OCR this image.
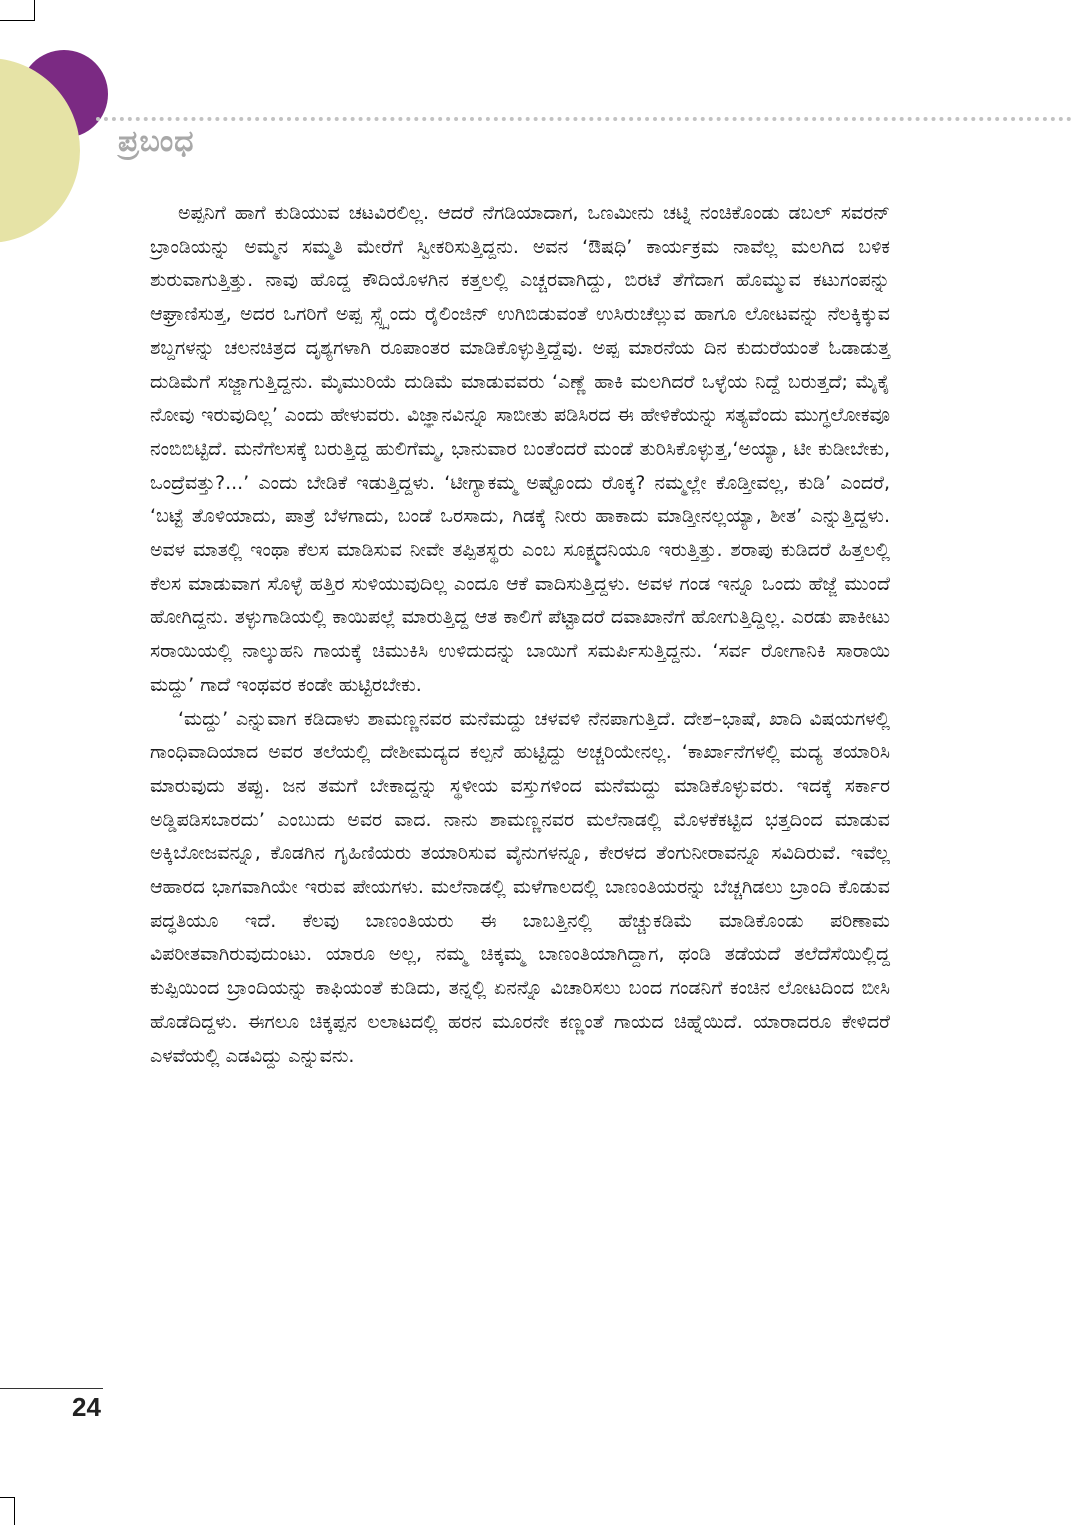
ಪ್ರಬಂಧ

ಅಪ್ಪನಿಗೆ ಹಾಗೆ ಕುಡಿಯುವ ಚಟವಿರಲಿಲ್ಲ. ಆದರೆ ನೆಗಡಿಯಾದಾಗ, ಒಣಮೀನು ಚಟ್ನಿ ನಂಚಿಕೊಂಡು ಡಬಲ್ ಸವರನ್ ಬ್ರಾಂಡಿಯನ್ನು ಅಮ್ಮನ ಸಮ್ಮತಿ ಮೇರೆಗೆ ಸ್ವೀಕರಿಸುತ್ತಿದ್ದನು. ಅವನ ‘ಔಷಧಿ’ ಕಾರ್ಯಕ್ರಮ ನಾವೆಲ್ಲ ಮಲಗಿದ ಬಳಿಕ ಶುರುವಾಗುತ್ತಿತ್ತು. ನಾವು ಹೊದ್ದ ಕೌದಿಯೊಳಗಿನ ಕತ್ತಲಲ್ಲಿ ಎಚ್ಚರವಾಗಿದ್ದು, ಬಿರಟೆ ತೆಗೆದಾಗ ಹೊಮ್ಮುವ ಕಟುಗಂಪನ್ನು ಆಘ್ರಾಣಿಸುತ್ತ, ಅದರ ಒಗರಿಗೆ ಅಪ್ಪ ಸ್ಸ್ಸ್ಸೆಂದು ರೈಲಿಂಜಿನ್ ಉಗಿಬಿಡುವಂತೆ ಉಸಿರುಚೆಲ್ಲುವ ಹಾಗೂ ಲೋಟವನ್ನು ನೆಲಕ್ಕಿಕ್ಕುವ ಶಬ್ದಗಳನ್ನು ಚಲನಚಿತ್ರದ ದೃಶ್ಯಗಳಾಗಿ ರೂಪಾಂತರ ಮಾಡಿಕೊಳ್ಳುತ್ತಿದ್ದೆವು. ಅಪ್ಪ ಮಾರನೆಯ ದಿನ ಕುದುರೆಯಂತೆ ಓಡಾಡುತ್ತ ದುಡಿಮೆಗೆ ಸಜ್ಜಾಗುತ್ತಿದ್ದನು. ಮೈಮುರಿಯೆ ದುಡಿಮೆ ಮಾಡುವವರು ‘ಎಣ್ಣೆ ಹಾಕಿ ಮಲಗಿದರೆ ಒಳ್ಳೆಯ ನಿದ್ದೆ ಬರುತ್ತದೆ; ಮೈಕೈ ನೋವು ಇರುವುದಿಲ್ಲ’ ಎಂದು ಹೇಳುವರು. ವಿಜ್ಞಾನವಿನ್ನೂ ಸಾಬೀತು ಪಡಿಸಿರದ ಈ ಹೇಳಿಕೆಯನ್ನು ಸತ್ಯವೆಂದು ಮುಗ್ಧಲೋಕವೂ ನಂಬಿಬಿಟ್ಟಿದೆ. ಮನೆಗೆಲಸಕ್ಕೆ ಬರುತ್ತಿದ್ದ ಹುಲಿಗೆಮ್ಮ, ಭಾನುವಾರ ಬಂತೆಂದರೆ ಮಂಡೆ ತುರಿಸಿಕೊಳ್ಳುತ್ತ,‘ಅಯ್ಯಾ, ಟೀ ಕುಡೀಬೇಕು, ಒಂದ್ರೆವತ್ತು?...’ ಎಂದು ಬೇಡಿಕೆ ಇಡುತ್ತಿದ್ದಳು. ‘ಟೀಗ್ಯಾಕಮ್ಮ ಅಷ್ಟೊಂದು ರೊಕ್ಕ? ನಮ್ಮಲ್ಲೇ ಕೊಡ್ತೀವಲ್ಲ, ಕುಡಿ’ ಎಂದರೆ, ‘ಬಟ್ಟೆ ತೊಳಿಯಾದು, ಪಾತ್ರೆ ಬೆಳಗಾದು, ಬಂಡೆ ಒರಸಾದು, ಗಿಡಕ್ಕೆ ನೀರು ಹಾಕಾದು ಮಾಡ್ತೀನಲ್ಲಯ್ಯಾ, ಶೀತ’ ಎನ್ನುತ್ತಿದ್ದಳು. ಅವಳ ಮಾತಲ್ಲಿ ಇಂಥಾ ಕೆಲಸ ಮಾಡಿಸುವ ನೀವೇ ತಪ್ಪಿತಸ್ಥರು ಎಂಬ ಸೂಕ್ಷ್ಮದನಿಯೂ ಇರುತ್ತಿತ್ತು. ಶರಾಪು ಕುಡಿದರೆ ಹಿತ್ತಲಲ್ಲಿ ಕೆಲಸ ಮಾಡುವಾಗ ಸೊಳ್ಳೆ ಹತ್ತಿರ ಸುಳಿಯುವುದಿಲ್ಲ ಎಂದೂ ಆಕೆ ವಾದಿಸುತ್ತಿದ್ದಳು. ಅವಳ ಗಂಡ ಇನ್ನೂ ಒಂದು ಹೆಜ್ಜೆ ಮುಂದೆ ಹೋಗಿದ್ದನು. ತಳ್ಳುಗಾಡಿಯಲ್ಲಿ ಕಾಯಿಪಲ್ಲೆ ಮಾರುತ್ತಿದ್ದ ಆತ ಕಾಲಿಗೆ ಪೆಟ್ಟಾದರೆ ದವಾಖಾನೆಗೆ ಹೋಗುತ್ತಿದ್ದಿಲ್ಲ. ಎರಡು ಪಾಕೀಟು ಸರಾಯಿಯಲ್ಲಿ ನಾಲ್ಕುಹನಿ ಗಾಯಕ್ಕೆ ಚಿಮುಕಿಸಿ ಉಳಿದುದನ್ನು ಬಾಯಿಗೆ ಸಮರ್ಪಿಸುತ್ತಿದ್ದನು. ‘ಸರ್ವ ರೋಗಾನಿಕಿ ಸಾರಾಯಿ ಮದ್ದು’ ಗಾದೆ ಇಂಥವರ ಕಂಡೇ ಹುಟ್ಟಿರಬೇಕು.

‘ಮದ್ದು’ ಎನ್ನುವಾಗ ಕಡಿದಾಳು ಶಾಮಣ್ಣನವರ ಮನೆಮದ್ದು ಚಳವಳಿ ನೆನಪಾಗುತ್ತಿದೆ. ದೇಶ–ಭಾಷೆ, ಖಾದಿ ವಿಷಯಗಳಲ್ಲಿ ಗಾಂಧಿವಾದಿಯಾದ ಅವರ ತಲೆಯಲ್ಲಿ ದೇಶೀಮದ್ಯದ ಕಲ್ಪನೆ ಹುಟ್ಟಿದ್ದು ಅಚ್ಚರಿಯೇನಲ್ಲ. ‘ಕಾರ್ಖಾನೆಗಳಲ್ಲಿ ಮದ್ಯ ತಯಾರಿಸಿ ಮಾರುವುದು ತಪ್ಪು. ಜನ ತಮಗೆ ಬೇಕಾದ್ದನ್ನು ಸ್ಥಳೀಯ ವಸ್ತುಗಳಿಂದ ಮನೆಮದ್ದು ಮಾಡಿಕೊಳ್ಳುವರು. ಇದಕ್ಕೆ ಸರ್ಕಾರ ಅಡ್ಡಿಪಡಿಸಬಾರದು’ ಎಂಬುದು ಅವರ ವಾದ. ನಾನು ಶಾಮಣ್ಣನವರ ಮಲೆನಾಡಲ್ಲಿ ಮೊಳಕೆಕಟ್ಟಿದ ಭತ್ತದಿಂದ ಮಾಡುವ ಅಕ್ಕಿಬೋಜವನ್ನೂ, ಕೊಡಗಿನ ಗೃಹಿಣಿಯರು ತಯಾರಿಸುವ ವೈನುಗಳನ್ನೂ, ಕೇರಳದ ತೆಂಗುನೀರಾವನ್ನೂ ಸವಿದಿರುವೆ. ಇವೆಲ್ಲ ಆಹಾರದ ಭಾಗವಾಗಿಯೇ ಇರುವ ಪೇಯಗಳು. ಮಲೆನಾಡಲ್ಲಿ ಮಳೆಗಾಲದಲ್ಲಿ ಬಾಣಂತಿಯರನ್ನು ಬೆಚ್ಚಗಿಡಲು ಬ್ರಾಂದಿ ಕೊಡುವ ಪದ್ಧತಿಯೂ ಇದೆ. ಕೆಲವು ಬಾಣಂತಿಯರು ಈ ಬಾಬತ್ತಿನಲ್ಲಿ ಹೆಚ್ಚುಕಡಿಮೆ ಮಾಡಿಕೊಂಡು ಪರಿಣಾಮ ವಿಪರೀತವಾಗಿರುವುದುಂಟು. ಯಾರೂ ಅಲ್ಲ, ನಮ್ಮ ಚಿಕ್ಕಮ್ಮ ಬಾಣಂತಿಯಾಗಿದ್ದಾಗ, ಥಂಡಿ ತಡೆಯದೆ ತಲೆದೆಸೆಯಿಲ್ಲಿದ್ದ ಕುಪ್ಪಿಯಿಂದ ಬ್ರಾಂದಿಯನ್ನು ಕಾಫಿಯಂತೆ ಕುಡಿದು, ತನ್ನಲ್ಲಿ ಏನನ್ನೊ ವಿಚಾರಿಸಲು ಬಂದ ಗಂಡನಿಗೆ ಕಂಚಿನ ಲೋಟದಿಂದ ಬೀಸಿ ಹೊಡೆದಿದ್ದಳು. ಈಗಲೂ ಚಿಕ್ಕಪ್ಪನ ಲಲಾಟದಲ್ಲಿ ಹರನ ಮೂರನೇ ಕಣ್ಣಂತೆ ಗಾಯದ ಚಿಹ್ನೆಯಿದೆ. ಯಾರಾದರೂ ಕೇಳಿದರೆ ಎಳವೆಯಲ್ಲಿ ಎಡವಿದ್ದು ಎನ್ನುವನು.

24
